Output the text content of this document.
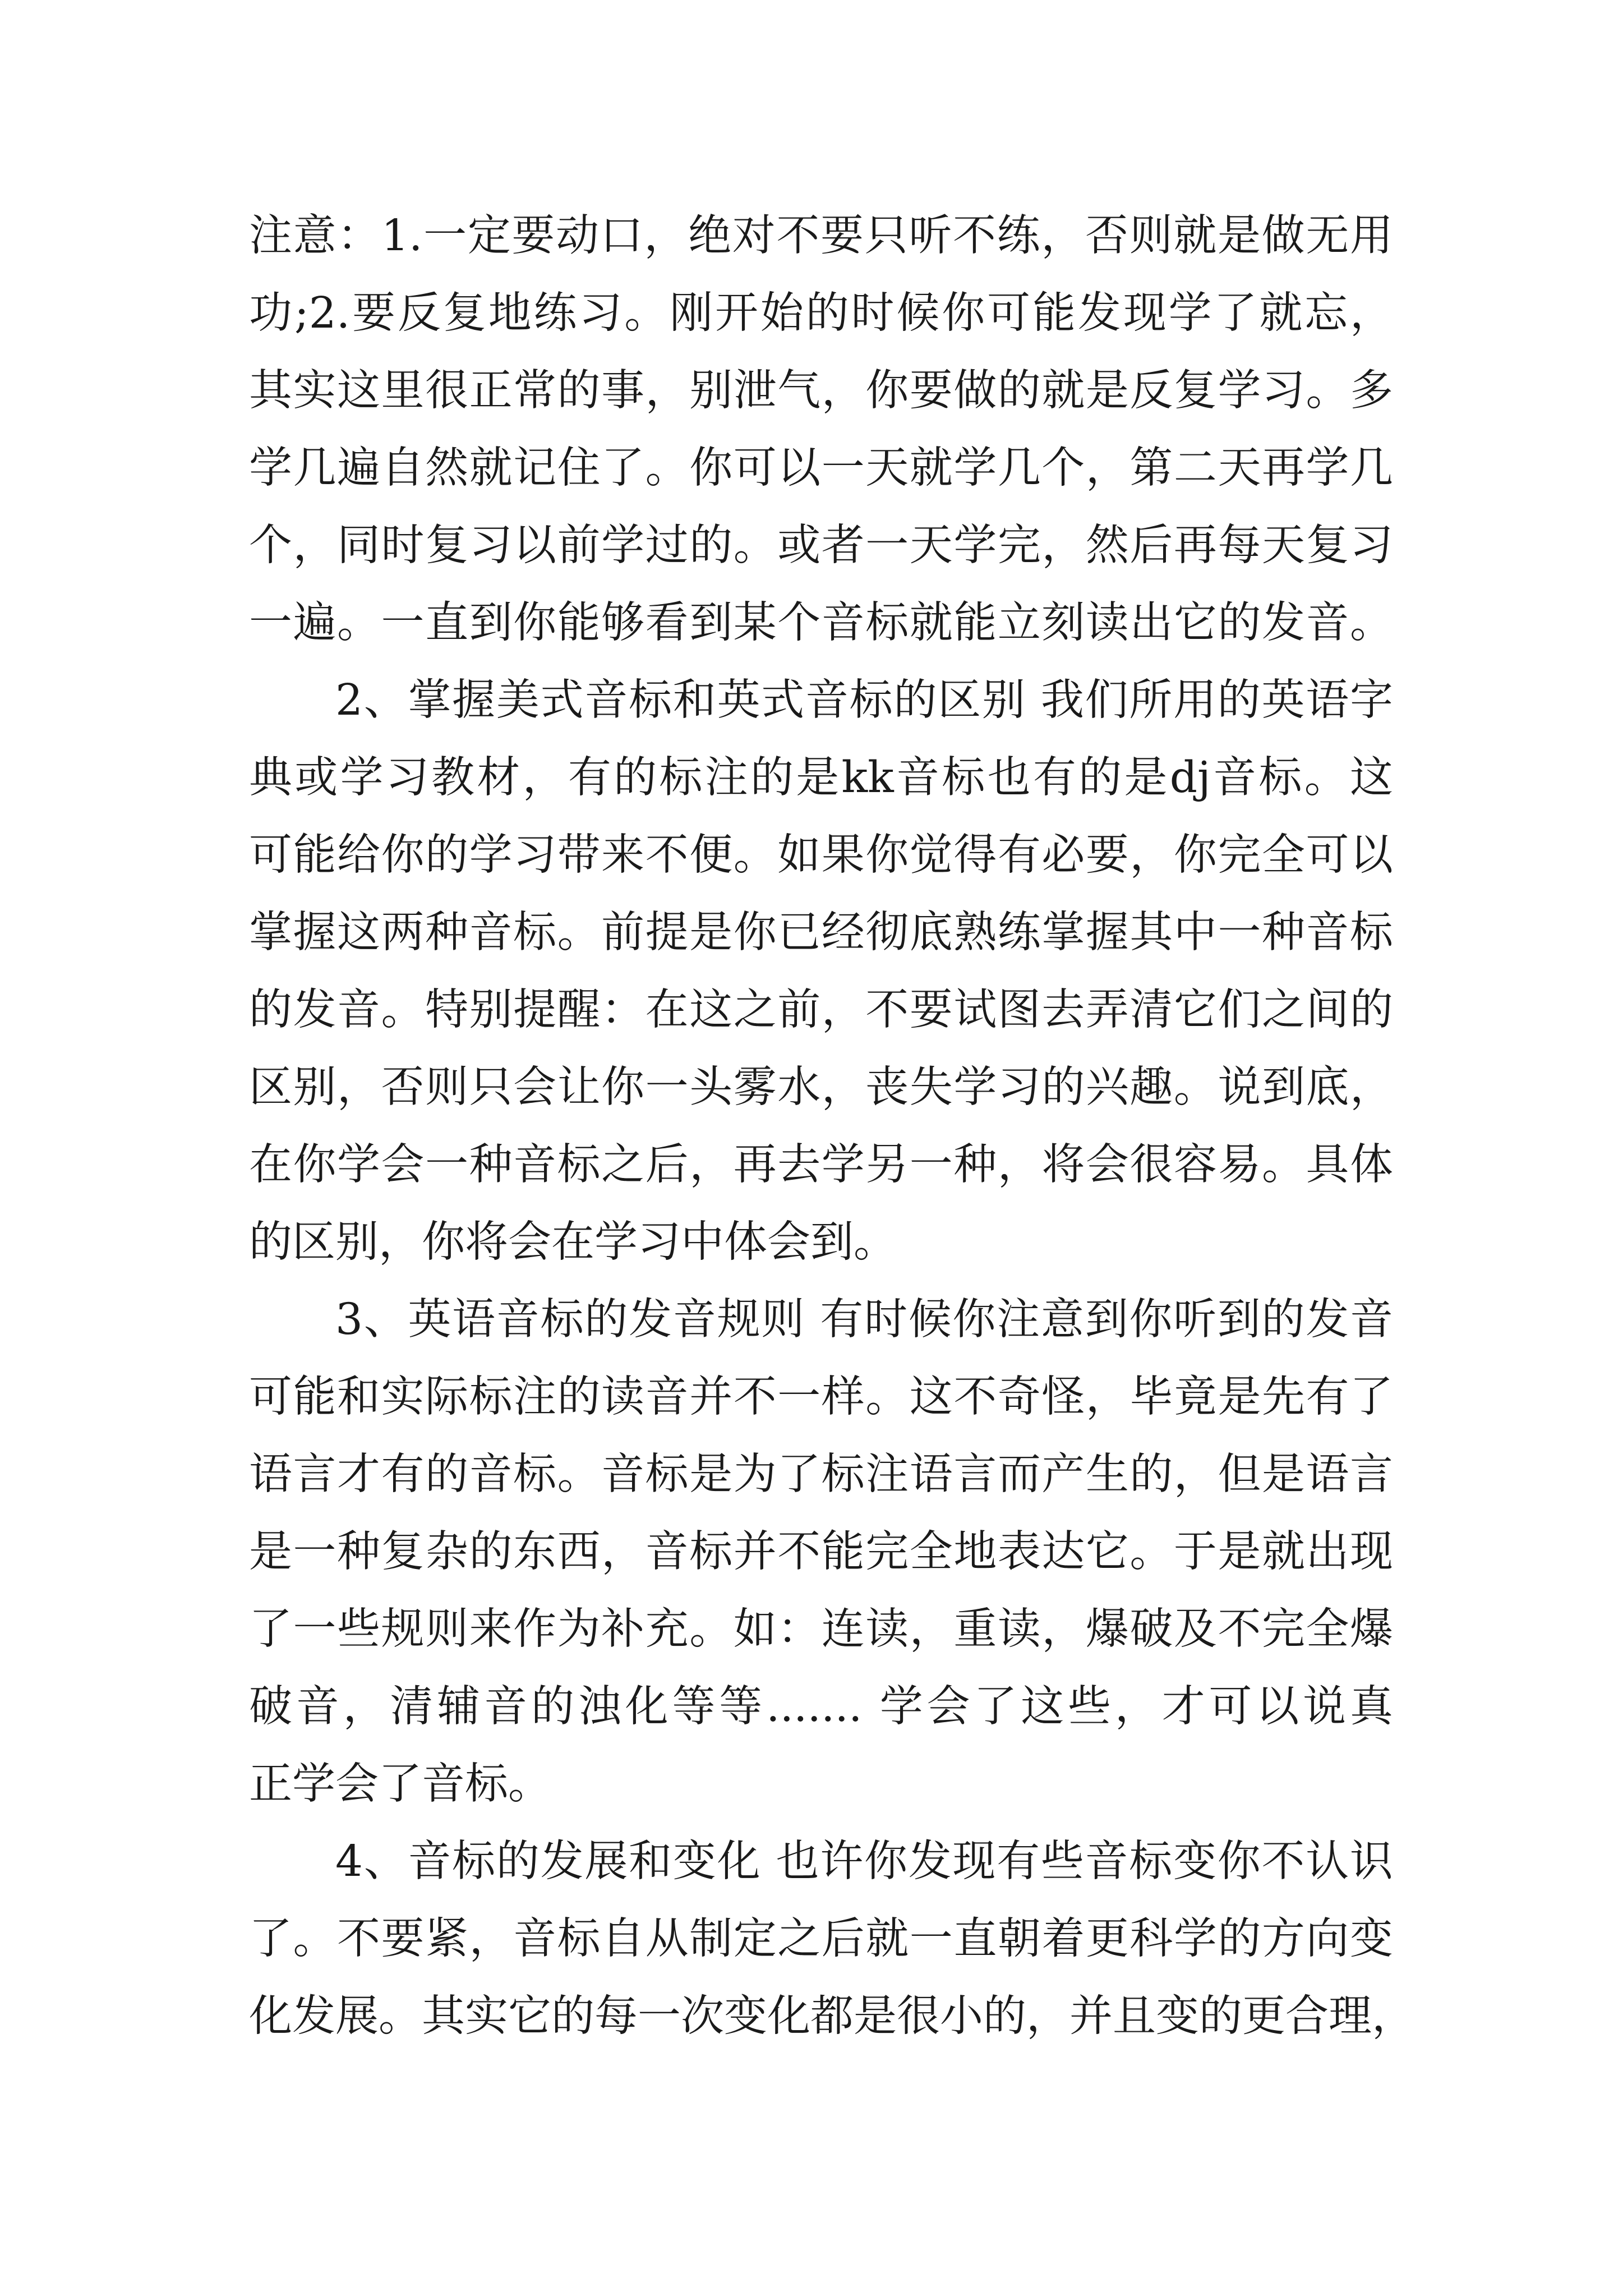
注意：1.一定要动口，绝对不要只听不练，否则就是做无用
功;2.要反复地练习。刚开始的时候你可能发现学了就忘，
其实这里很正常的事，别泄气，你要做的就是反复学习。多
学几遍自然就记住了。你可以一天就学几个，第二天再学几
个，同时复习以前学过的。或者一天学完，然后再每天复习
一遍。一直到你能够看到某个音标就能立刻读出它的发音。
2、掌握美式音标和英式音标的区别 我们所用的英语字
典或学习教材，有的标注的是kk音标也有的是dj音标。这
可能给你的学习带来不便。如果你觉得有必要，你完全可以
掌握这两种音标。前提是你已经彻底熟练掌握其中一种音标
的发音。特别提醒：在这之前，不要试图去弄清它们之间的
区别，否则只会让你一头雾水，丧失学习的兴趣。说到底，
在你学会一种音标之后，再去学另一种，将会很容易。具体
的区别，你将会在学习中体会到。
3、英语音标的发音规则 有时候你注意到你听到的发音
可能和实际标注的读音并不一样。这不奇怪，毕竟是先有了
语言才有的音标。音标是为了标注语言而产生的，但是语言
是一种复杂的东西，音标并不能完全地表达它。于是就出现
了一些规则来作为补充。如：连读，重读，爆破及不完全爆
破音，清辅音的浊化等等....... 学会了这些，才可以说真
正学会了音标。
4、音标的发展和变化 也许你发现有些音标变你不认识
了。不要紧，音标自从制定之后就一直朝着更科学的方向变
化发展。其实它的每一次变化都是很小的，并且变的更合理，
